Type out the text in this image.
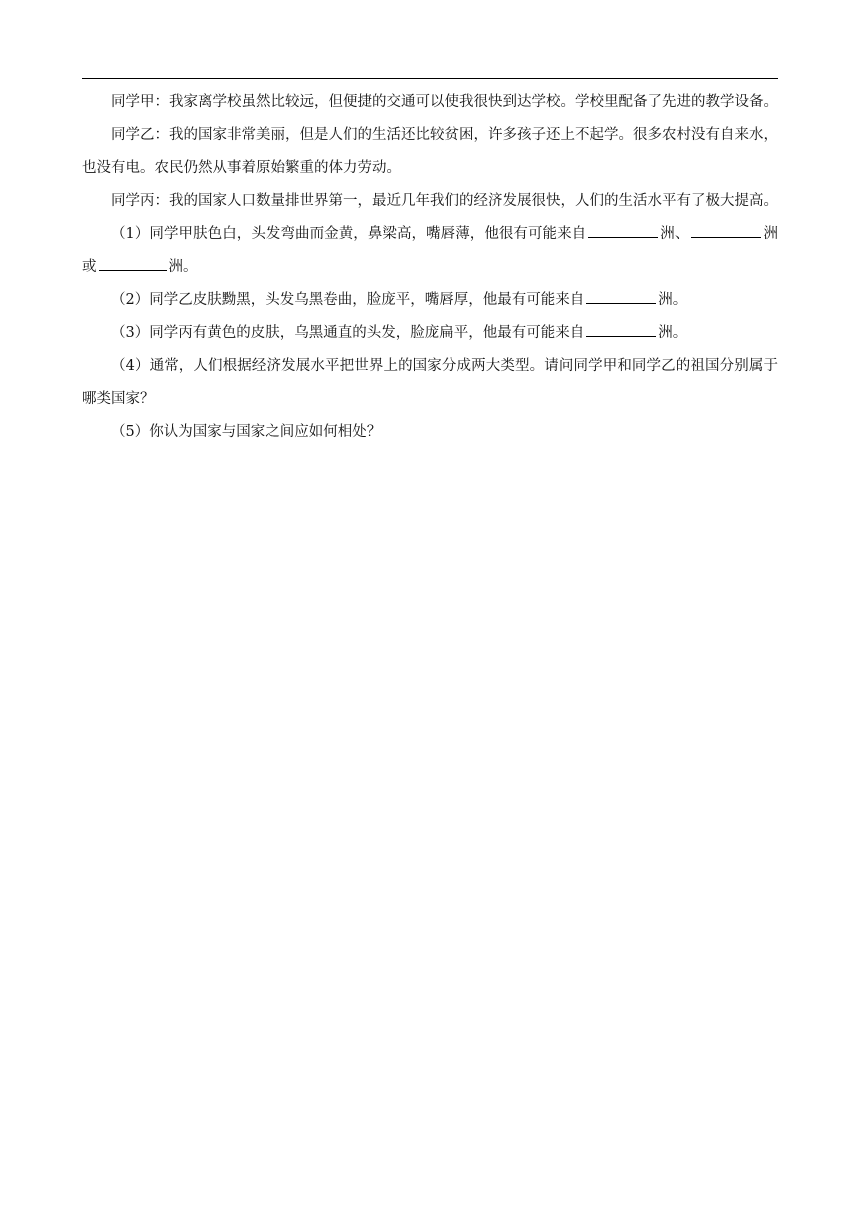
同学甲：我家离学校虽然比较远，但便捷的交通可以使我很快到达学校。学校里配备了先进的教学设备。

同学乙：我的国家非常美丽，但是人们的生活还比较贫困，许多孩子还上不起学。很多农村没有自来水，也没有电。农民仍然从事着原始繁重的体力劳动。

同学丙：我的国家人口数量排世界第一，最近几年我们的经济发展很快，人们的生活水平有了极大提高。

（1）同学甲肤色白，头发弯曲而金黄，鼻梁高，嘴唇薄，他很有可能来自	洲、	洲或	洲。

（2）同学乙皮肤黝黑，头发乌黑卷曲，脸庞平，嘴唇厚，他最有可能来自	洲。

（3）同学丙有黄色的皮肤，乌黑通直的头发，脸庞扁平，他最有可能来自	洲。

（4）通常，人们根据经济发展水平把世界上的国家分成两大类型。请问同学甲和同学乙的祖国分别属于哪类国家？

（5）你认为国家与国家之间应如何相处？
